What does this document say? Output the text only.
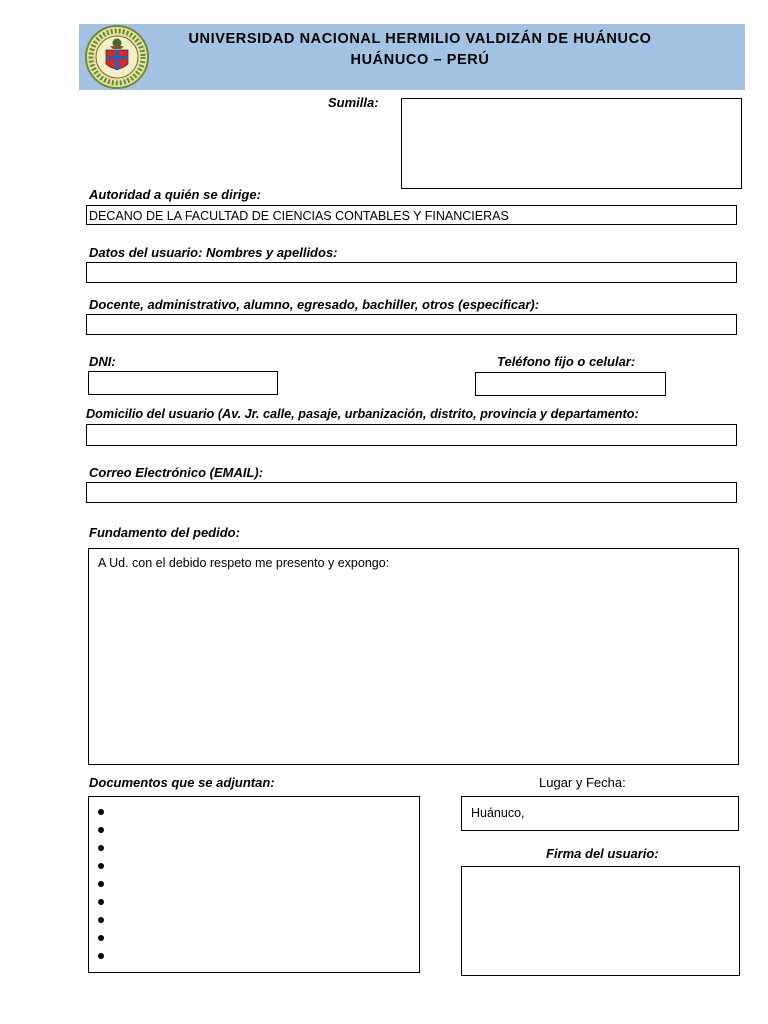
UNIVERSIDAD NACIONAL HERMILIO VALDIZÁN DE HUÁNUCO
HUÁNUCO – PERÚ
Sumilla:
Autoridad a quién se dirige:
DECANO DE LA FACULTAD DE CIENCIAS CONTABLES Y FINANCIERAS
Datos del usuario: Nombres y apellidos:
Docente, administrativo, alumno, egresado, bachiller, otros (especificar):
DNI:	Teléfono fijo o celular:
Domicilio del usuario (Av. Jr. calle, pasaje, urbanización, distrito, provincia y departamento:
Correo Electrónico (EMAIL):
Fundamento del pedido:
A Ud. con el debido respeto me presento y expongo:
Documentos que se adjuntan:	Lugar y Fecha:
Huánuco,
Firma del usuario:
